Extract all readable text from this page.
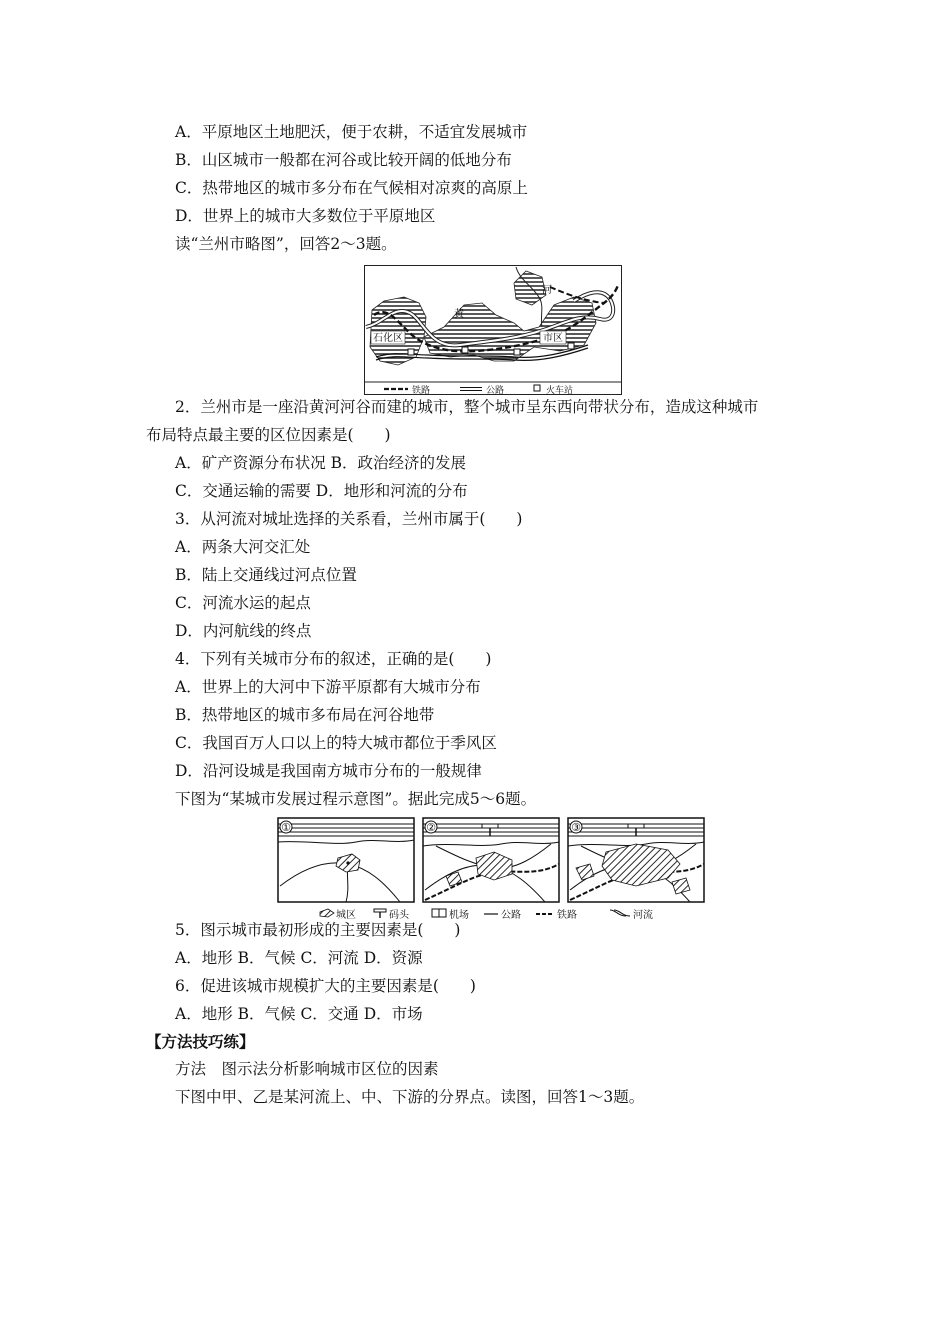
A．平原地区土地肥沃，便于农耕，不适宜发展城市
B．山区城市一般都在河谷或比较开阔的低地分布
C．热带地区的城市多分布在气候相对凉爽的高原上
D．世界上的城市大多数位于平原地区
读“兰州市略图”，回答2～3题。
石化区	市区
河
黄
铁路	公路	火车站
2．兰州市是一座沿黄河河谷而建的城市，整个城市呈东西向带状分布，造成这种城市
布局特点最主要的区位因素是(　　)
A．矿产资源分布状况 B．政治经济的发展
C．交通运输的需要 D．地形和河流的分布
3．从河流对城址选择的关系看，兰州市属于(　　)
A．两条大河交汇处
B．陆上交通线过河点位置
C．河流水运的起点
D．内河航线的终点
4．下列有关城市分布的叙述，正确的是(　　)
A．世界上的大河中下游平原都有大城市分布
B．热带地区的城市多布局在河谷地带
C．我国百万人口以上的特大城市都位于季风区
D．沿河设城是我国南方城市分布的一般规律
下图为“某城市发展过程示意图”。据此完成5～6题。
①	②	③
城区	码头	机场	公路	铁路	河流
5．图示城市最初形成的主要因素是(　　)
A．地形 B．气候 C．河流 D．资源
6．促进该城市规模扩大的主要因素是(　　)
A．地形 B．气候 C．交通 D．市场
【方法技巧练】
方法　图示法分析影响城市区位的因素
下图中甲、乙是某河流上、中、下游的分界点。读图，回答1～3题。
